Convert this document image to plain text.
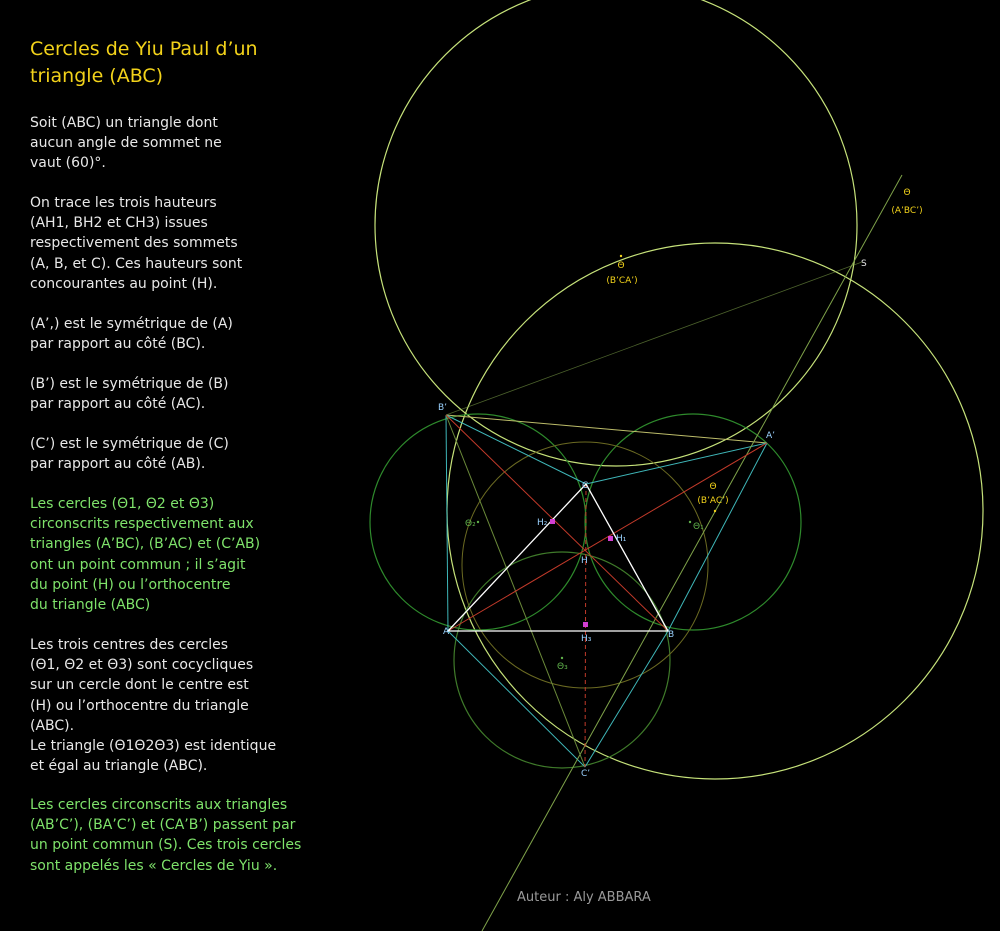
Cercles de Yiu Paul d’un triangle (ABC)
Soit (ABC) un triangle dont
aucun angle de sommet ne
vaut (60)°.
On trace les trois hauteurs
(AH1, BH2 et CH3) issues
respectivement des sommets
(A, B, et C). Ces hauteurs sont
concourantes au point (H).
(A’,) est le symétrique de (A)
par rapport au côté (BC).
(B’) est le symétrique de (B)
par rapport au côté (AC).
(C’) est le symétrique de (C)
par rapport au côté (AB).
Les cercles (Θ1, Θ2 et Θ3)
circonscrits respectivement aux
triangles (A’BC), (B’AC) et (C’AB)
ont un point commun ; il s’agit
du point (H) ou l’orthocentre
du triangle (ABC)
Les trois centres des cercles
(Θ1, Θ2 et Θ3) sont cocycliques
sur un cercle dont le centre est
(H) ou l’orthocentre du triangle
(ABC).
Le triangle (Θ1Θ2Θ3) est identique
et égal au triangle (ABC).
Les cercles circonscrits aux triangles
(AB’C’), (BA’C’) et (CA’B’) passent par
un point commun (S). Ces trois cercles
sont appelés les « Cercles de Yiu ».
B’
A’
C
A	B
C’
H
H₁
H₂
H₃
S
Θ₂	Θ₁
Θ₃
Θ
(B’CA’)
Θ
(B’AC’)
Θ
(A’BC’)
Auteur : Aly ABBARA
